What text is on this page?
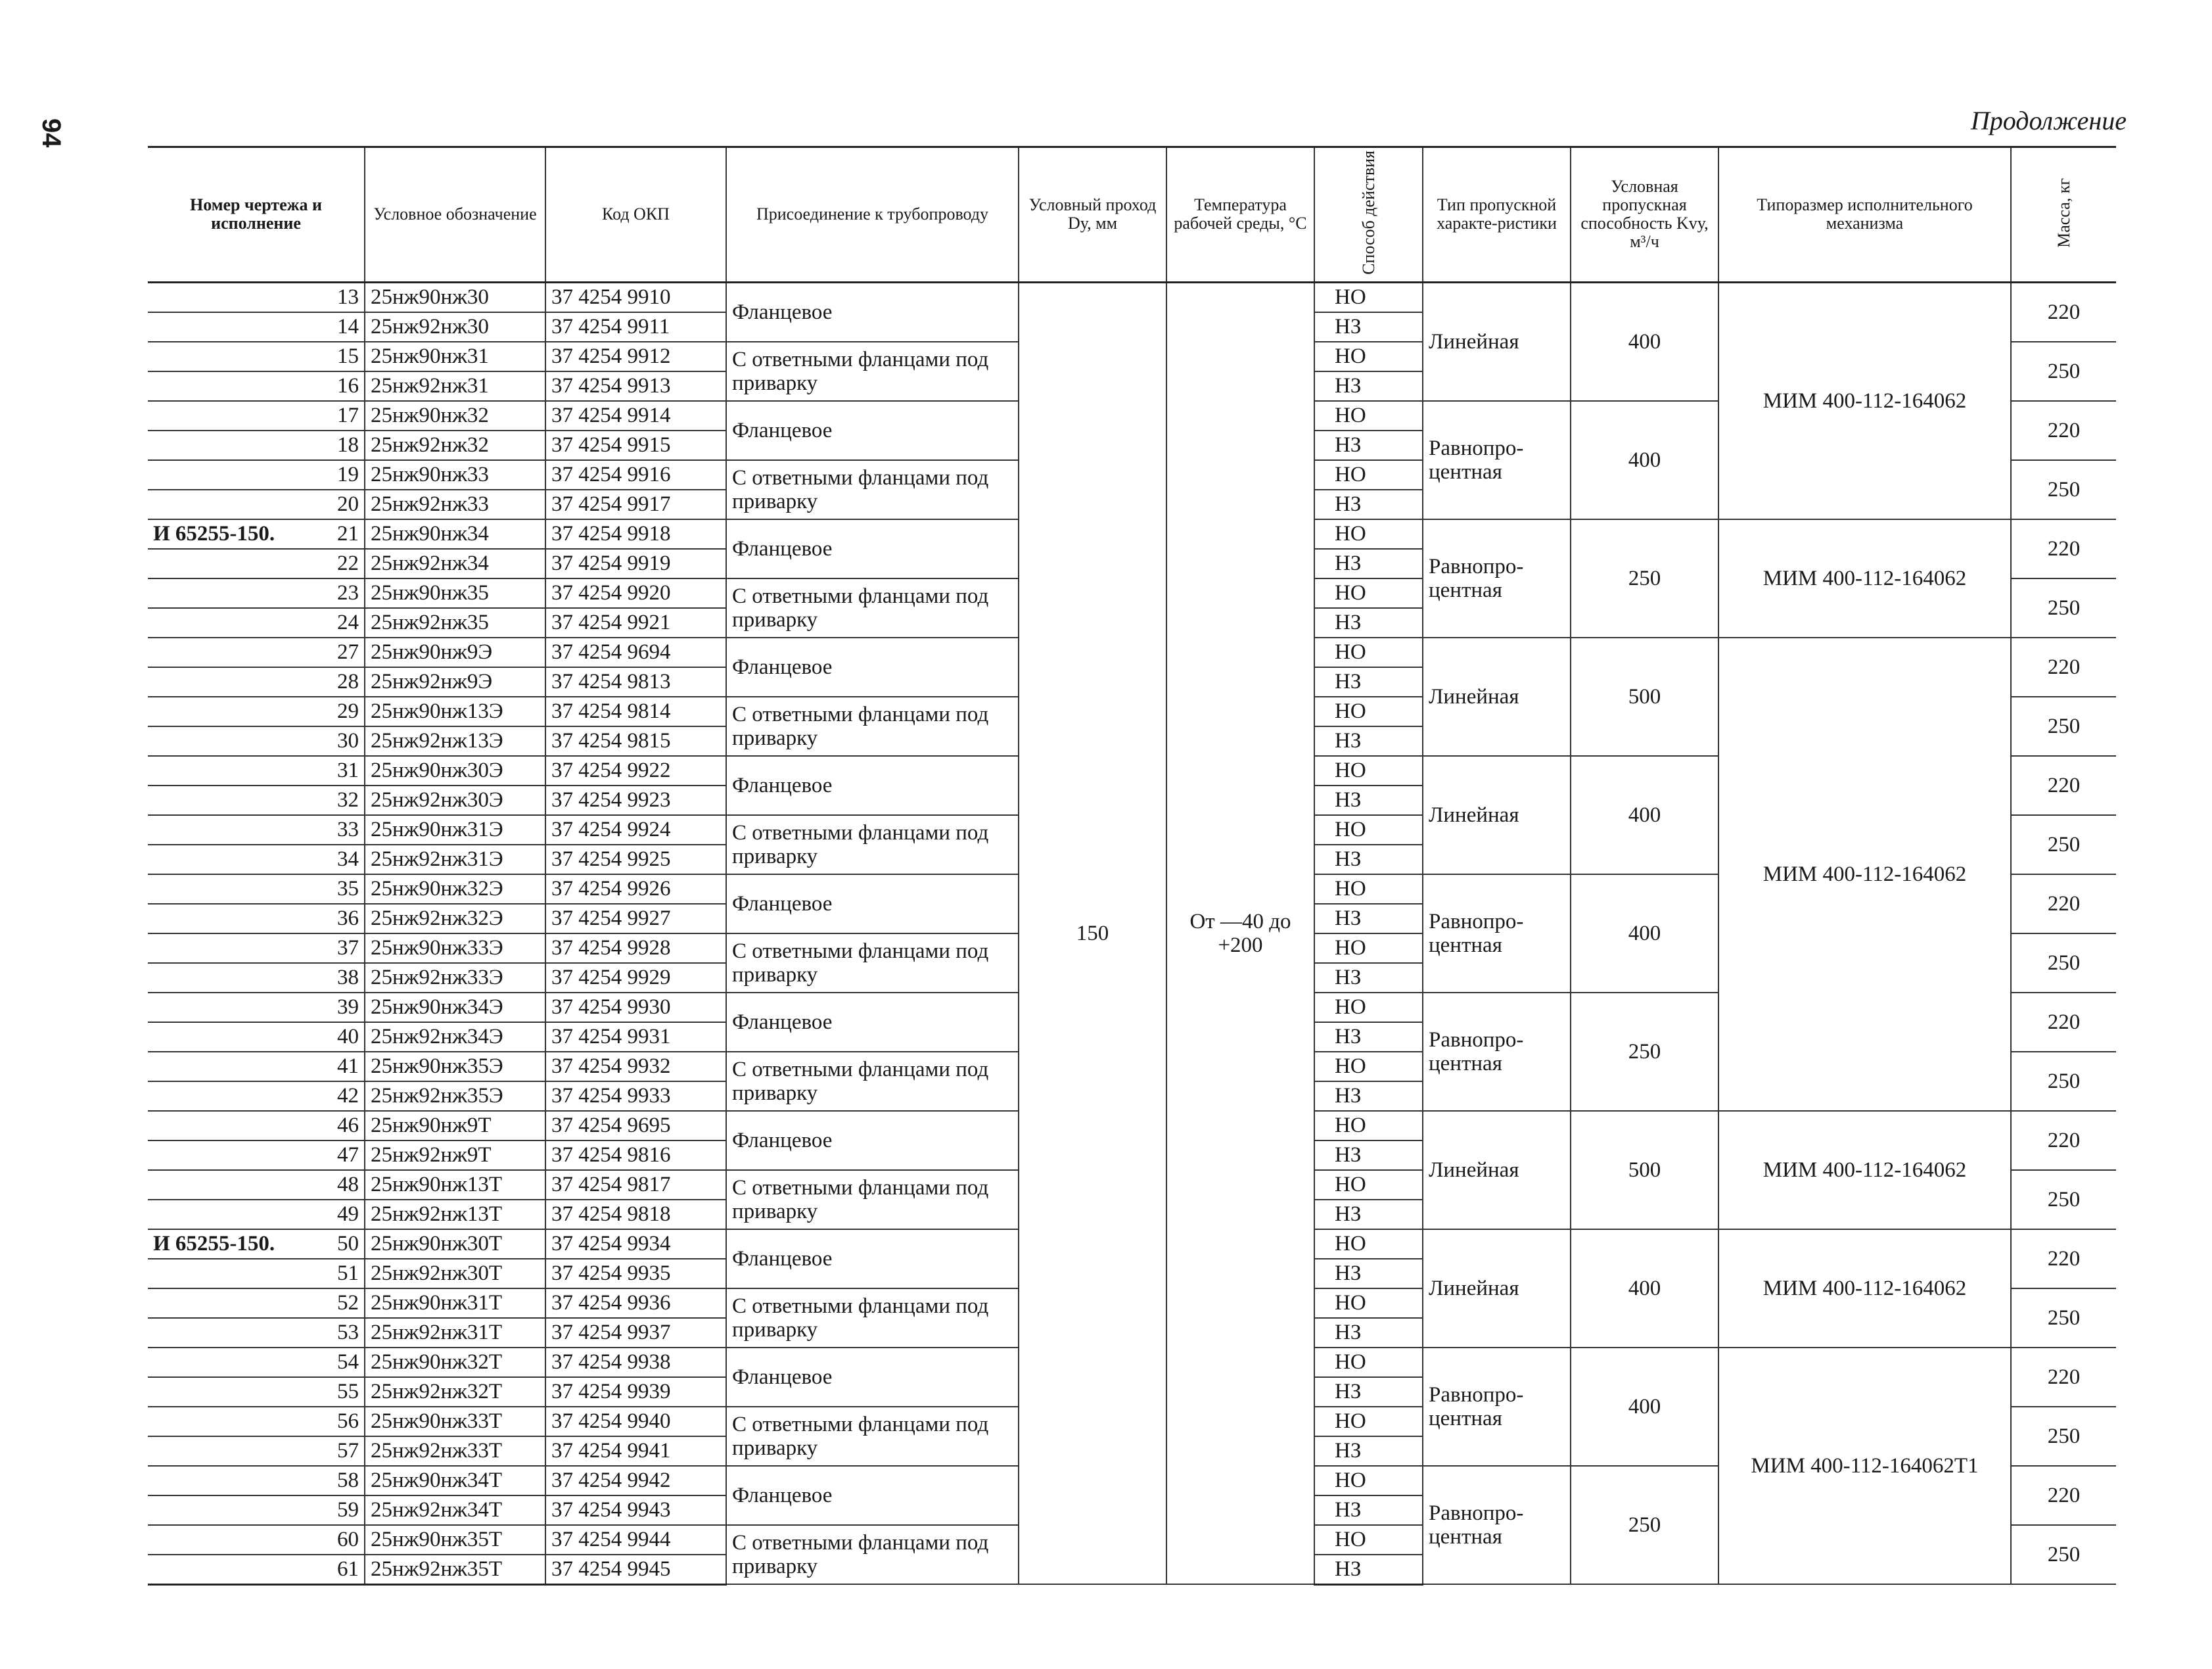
94	Продолжение
Номер чертежа и исполнение	Условное обозначение	Код ОКП	Присоединение к трубопроводу	Условный проход Dу, мм	Температура рабочей среды, °С	Способ действия	Тип пропускной характе-ристики	Условная пропускная способность Kvу, м³/ч	Типоразмер исполнительного механизма	Масса, кг
13	25нж90нж30	37 4254 9910	Фланцевое	150	От —40 до +200	НО	Линейная	400	МИМ 400-112-164062	220
14	25нж92нж30	37 4254 9911				НЗ				
15	25нж90нж31	37 4254 9912	С ответными фланцами под приварку			НО				250
16	25нж92нж31	37 4254 9913				НЗ				
17	25нж90нж32	37 4254 9914	Фланцевое			НО	Равнопро-центная	400		220
18	25нж92нж32	37 4254 9915				НЗ				
19	25нж90нж33	37 4254 9916	С ответными фланцами под приварку			НО				250
20	25нж92нж33	37 4254 9917				НЗ				

И 65255-150. 21	25нж90нж34	37 4254 9918	Фланцевое			НО	Равнопро-центная	250	МИМ 400-112-164062	220
22	25нж92нж34	37 4254 9919				НЗ				
23	25нж90нж35	37 4254 9920	С ответными фланцами под приварку			НО				250
24	25нж92нж35	37 4254 9921				НЗ				
27	25нж90нж9Э	37 4254 9694	Фланцевое			НО	Линейная	500	МИМ 400-112-164062	220
28	25нж92нж9Э	37 4254 9813				НЗ				
29	25нж90нж13Э	37 4254 9814	С ответными фланцами под приварку			НО				250
30	25нж92нж13Э	37 4254 9815				НЗ				
31	25нж90нж30Э	37 4254 9922	Фланцевое			НО	Линейная	400		220
32	25нж92нж30Э	37 4254 9923				НЗ				
33	25нж90нж31Э	37 4254 9924	С ответными фланцами под приварку			НО				250
34	25нж92нж31Э	37 4254 9925				НЗ				
35	25нж90нж32Э	37 4254 9926	Фланцевое			НО	Равнопро-центная	400		220
36	25нж92нж32Э	37 4254 9927				НЗ				
37	25нж90нж33Э	37 4254 9928	С ответными фланцами под приварку			НО				250
38	25нж92нж33Э	37 4254 9929				НЗ				
39	25нж90нж34Э	37 4254 9930	Фланцевое			НО	Равнопро-центная	250		220
40	25нж92нж34Э	37 4254 9931				НЗ				
41	25нж90нж35Э	37 4254 9932	С ответными фланцами под приварку			НО				250
42	25нж92нж35Э	37 4254 9933				НЗ				
46	25нж90нж9Т	37 4254 9695	Фланцевое			НО	Линейная	500	МИМ 400-112-164062	220
47	25нж92нж9Т	37 4254 9816				НЗ				
48	25нж90нж13Т	37 4254 9817	С ответными фланцами под приварку			НО				250
49	25нж92нж13Т	37 4254 9818				НЗ				

И 65255-150. 50	25нж90нж30Т	37 4254 9934	Фланцевое			НО	Линейная	400	МИМ 400-112-164062	220
51	25нж92нж30Т	37 4254 9935				НЗ				
52	25нж90нж31Т	37 4254 9936	С ответными фланцами под приварку			НО				250
53	25нж92нж31Т	37 4254 9937				НЗ				
54	25нж90нж32Т	37 4254 9938	Фланцевое			НО	Равнопро-центная	400	МИМ 400-112-164062Т1	220
55	25нж92нж32Т	37 4254 9939				НЗ				
56	25нж90нж33Т	37 4254 9940	С ответными фланцами под приварку			НО				250
57	25нж92нж33Т	37 4254 9941				НЗ				
58	25нж90нж34Т	37 4254 9942	Фланцевое			НО	Равнопро-центная	250		220
59	25нж92нж34Т	37 4254 9943				НЗ				
60	25нж90нж35Т	37 4254 9944	С ответными фланцами под приварку			НО				250
61	25нж92нж35Т	37 4254 9945				НЗ				
